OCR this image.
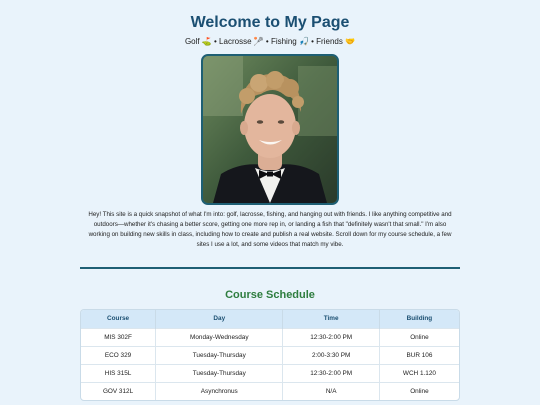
Welcome to My Page
Golf ⛳ • Lacrosse 🥍 • Fishing 🎣 • Friends 🤝

Hey! This site is a quick snapshot of what I'm into: golf, lacrosse, fishing, and hanging out with friends. I like anything competitive and outdoors—whether it's chasing a better score, getting one more rep in, or landing a fish that "definitely wasn't that small." I'm also working on building new skills in class, including how to create and publish a real website. Scroll down for my course schedule, a few sites I use a lot, and some videos that match my vibe.

Course Schedule
Course	Day	Time	Building
MIS 302F	Monday-Wednesday	12:30-2:00 PM	Online
ECO 329	Tuesday-Thursday	2:00-3:30 PM	BUR 106
HIS 315L	Tuesday-Thursday	12:30-2:00 PM	WCH 1.120
GOV 312L	Asynchronus	N/A	Online
